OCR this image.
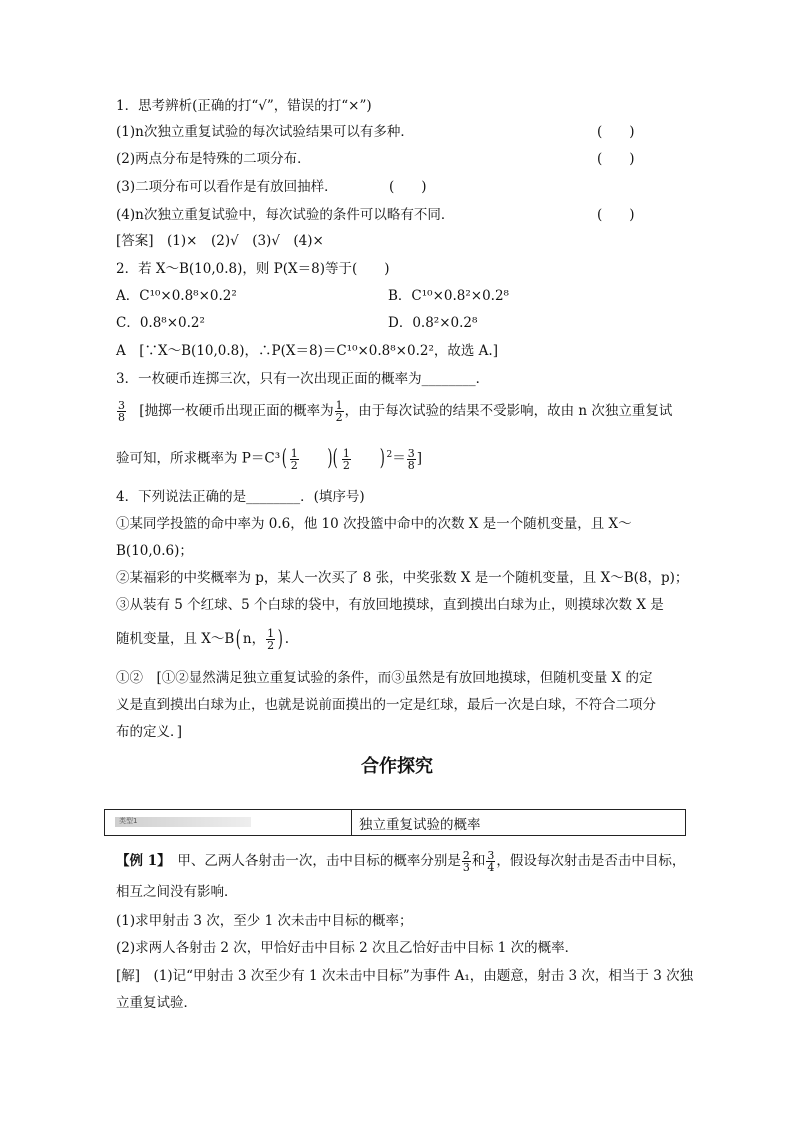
1．思考辨析(正确的打“√”，错误的打“×”)
(1)n次独立重复试验的每次试验结果可以有多种．	(　　)
(2)两点分布是特殊的二项分布．	(　　)
(3)二项分布可以看作是有放回抽样．	(　　)
(4)n次独立重复试验中，每次试验的条件可以略有不同．	(　　)
[答案]　(1)×　(2)√　(3)√　(4)×
2．若 X～B(10,0.8)，则 P(X＝8)等于(　　)
A．C¹⁰×0.8⁸×0.2²	B．C¹⁰×0.8²×0.2⁸
C．0.8⁸×0.2²	D．0.8²×0.2⁸
A　[∵X～B(10,0.8)，∴P(X＝8)＝C¹⁰×0.8⁸×0.2²，故选 A.]
3．一枚硬币连掷三次，只有一次出现正面的概率为________．
$\frac{3}{8}$ [抛掷一枚硬币出现正面的概率为 $\frac{1}{2}$ ，由于每次试验的结果不受影响，故由 n 次独立重复试
验可知，所求概率为 $P=C^3( \frac{1}{2}$ )( $\frac{1}{2}$ ) $^2= \frac{3}{8}$ ]
4．下列说法正确的是________．(填序号)
①某同学投篮的命中率为 0.6，他 10 次投篮中命中的次数 X 是一个随机变量，且 X～
B(10,0.6)；
②某福彩的中奖概率为 p，某人一次买了 8 张，中奖张数 X 是一个随机变量，且 X～B(8，p)；
③从装有 5 个红球、5 个白球的袋中，有放回地摸球，直到摸出白球为止，则摸球次数 X 是
随机变量，且 X～B( n， $\frac{1}{2}$ ) .
①②　[①②显然满足独立重复试验的条件，而③虽然是有放回地摸球，但随机变量 X 的定
义是直到摸出白球为止，也就是说前面摸出的一定是红球，最后一次是白球，不符合二项分
布的定义．]
合作探究
类型1	独立重复试验的概率
【例 1】　甲、乙两人各射击一次，击中目标的概率分别是 $\frac{2}{3}$ 和 $\frac{3}{4}$ ，假设每次射击是否击中目标，
相互之间没有影响．
(1)求甲射击 3 次，至少 1 次未击中目标的概率；
(2)求两人各射击 2 次，甲恰好击中目标 2 次且乙恰好击中目标 1 次的概率．
[解]　(1)记“甲射击 3 次至少有 1 次未击中目标”为事件 A₁，由题意，射击 3 次，相当于 3 次独
立重复试验．
